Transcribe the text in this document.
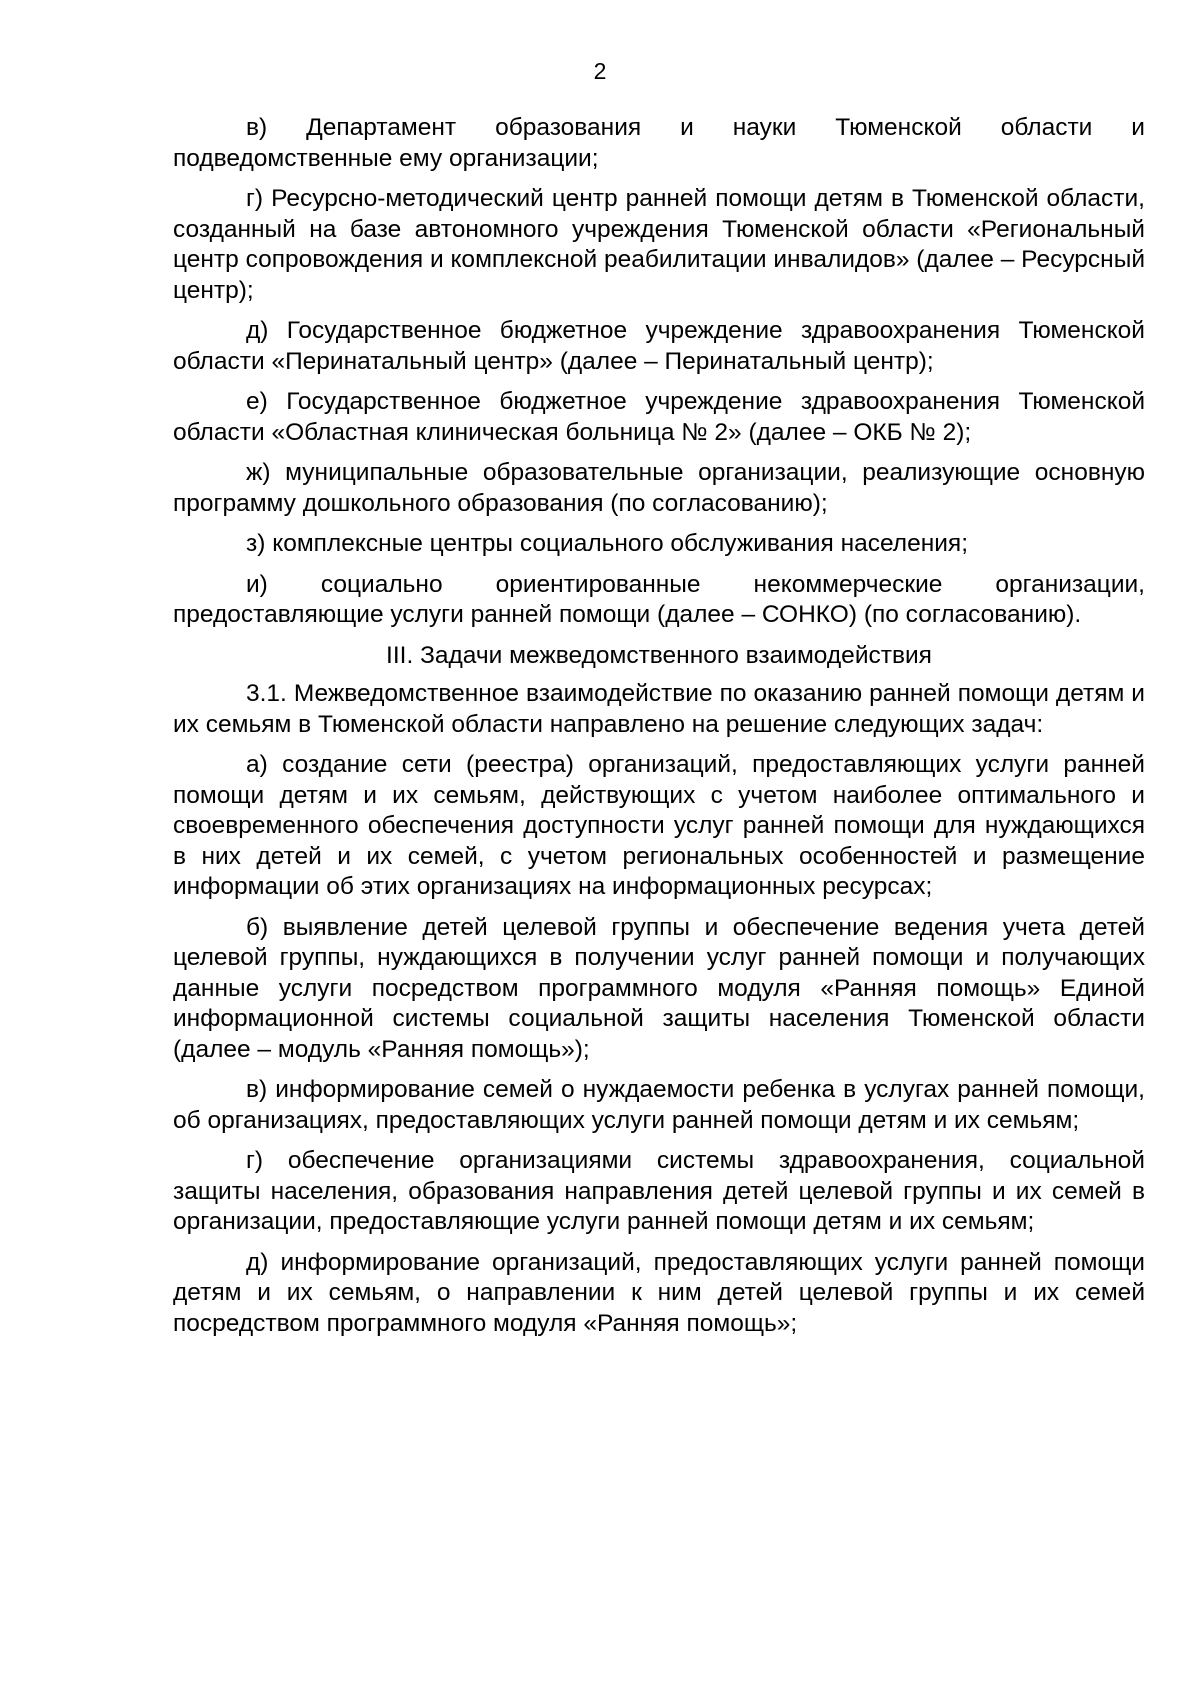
2

в) Департамент образования и науки Тюменской области и подведомственные ему организации;

г) Ресурсно-методический центр ранней помощи детям в Тюменской области, созданный на базе автономного учреждения Тюменской области «Региональный центр сопровождения и комплексной реабилитации инвалидов» (далее – Ресурсный центр);

д) Государственное бюджетное учреждение здравоохранения Тюменской области «Перинатальный центр» (далее – Перинатальный центр);

е) Государственное бюджетное учреждение здравоохранения Тюменской области «Областная клиническая больница № 2» (далее – ОКБ № 2);

ж) муниципальные образовательные организации, реализующие основную программу дошкольного образования (по согласованию);

з) комплексные центры социального обслуживания населения;

и) социально ориентированные некоммерческие организации, предоставляющие услуги ранней помощи (далее – СОНКО) (по согласованию).

III. Задачи межведомственного взаимодействия

3.1. Межведомственное взаимодействие по оказанию ранней помощи детям и их семьям в Тюменской области направлено на решение следующих задач:

а) создание сети (реестра) организаций, предоставляющих услуги ранней помощи детям и их семьям, действующих с учетом наиболее оптимального и своевременного обеспечения доступности услуг ранней помощи для нуждающихся в них детей и их семей, с учетом региональных особенностей и размещение информации об этих организациях на информационных ресурсах;

б) выявление детей целевой группы и обеспечение ведения учета детей целевой группы, нуждающихся в получении услуг ранней помощи и получающих данные услуги посредством программного модуля «Ранняя помощь» Единой информационной системы социальной защиты населения Тюменской области (далее – модуль «Ранняя помощь»);

в) информирование семей о нуждаемости ребенка в услугах ранней помощи, об организациях, предоставляющих услуги ранней помощи детям и их семьям;

г) обеспечение организациями системы здравоохранения, социальной защиты населения, образования направления детей целевой группы и их семей в организации, предоставляющие услуги ранней помощи детям и их семьям;

д) информирование организаций, предоставляющих услуги ранней помощи детям и их семьям, о направлении к ним детей целевой группы и их семей посредством программного модуля «Ранняя помощь»;
